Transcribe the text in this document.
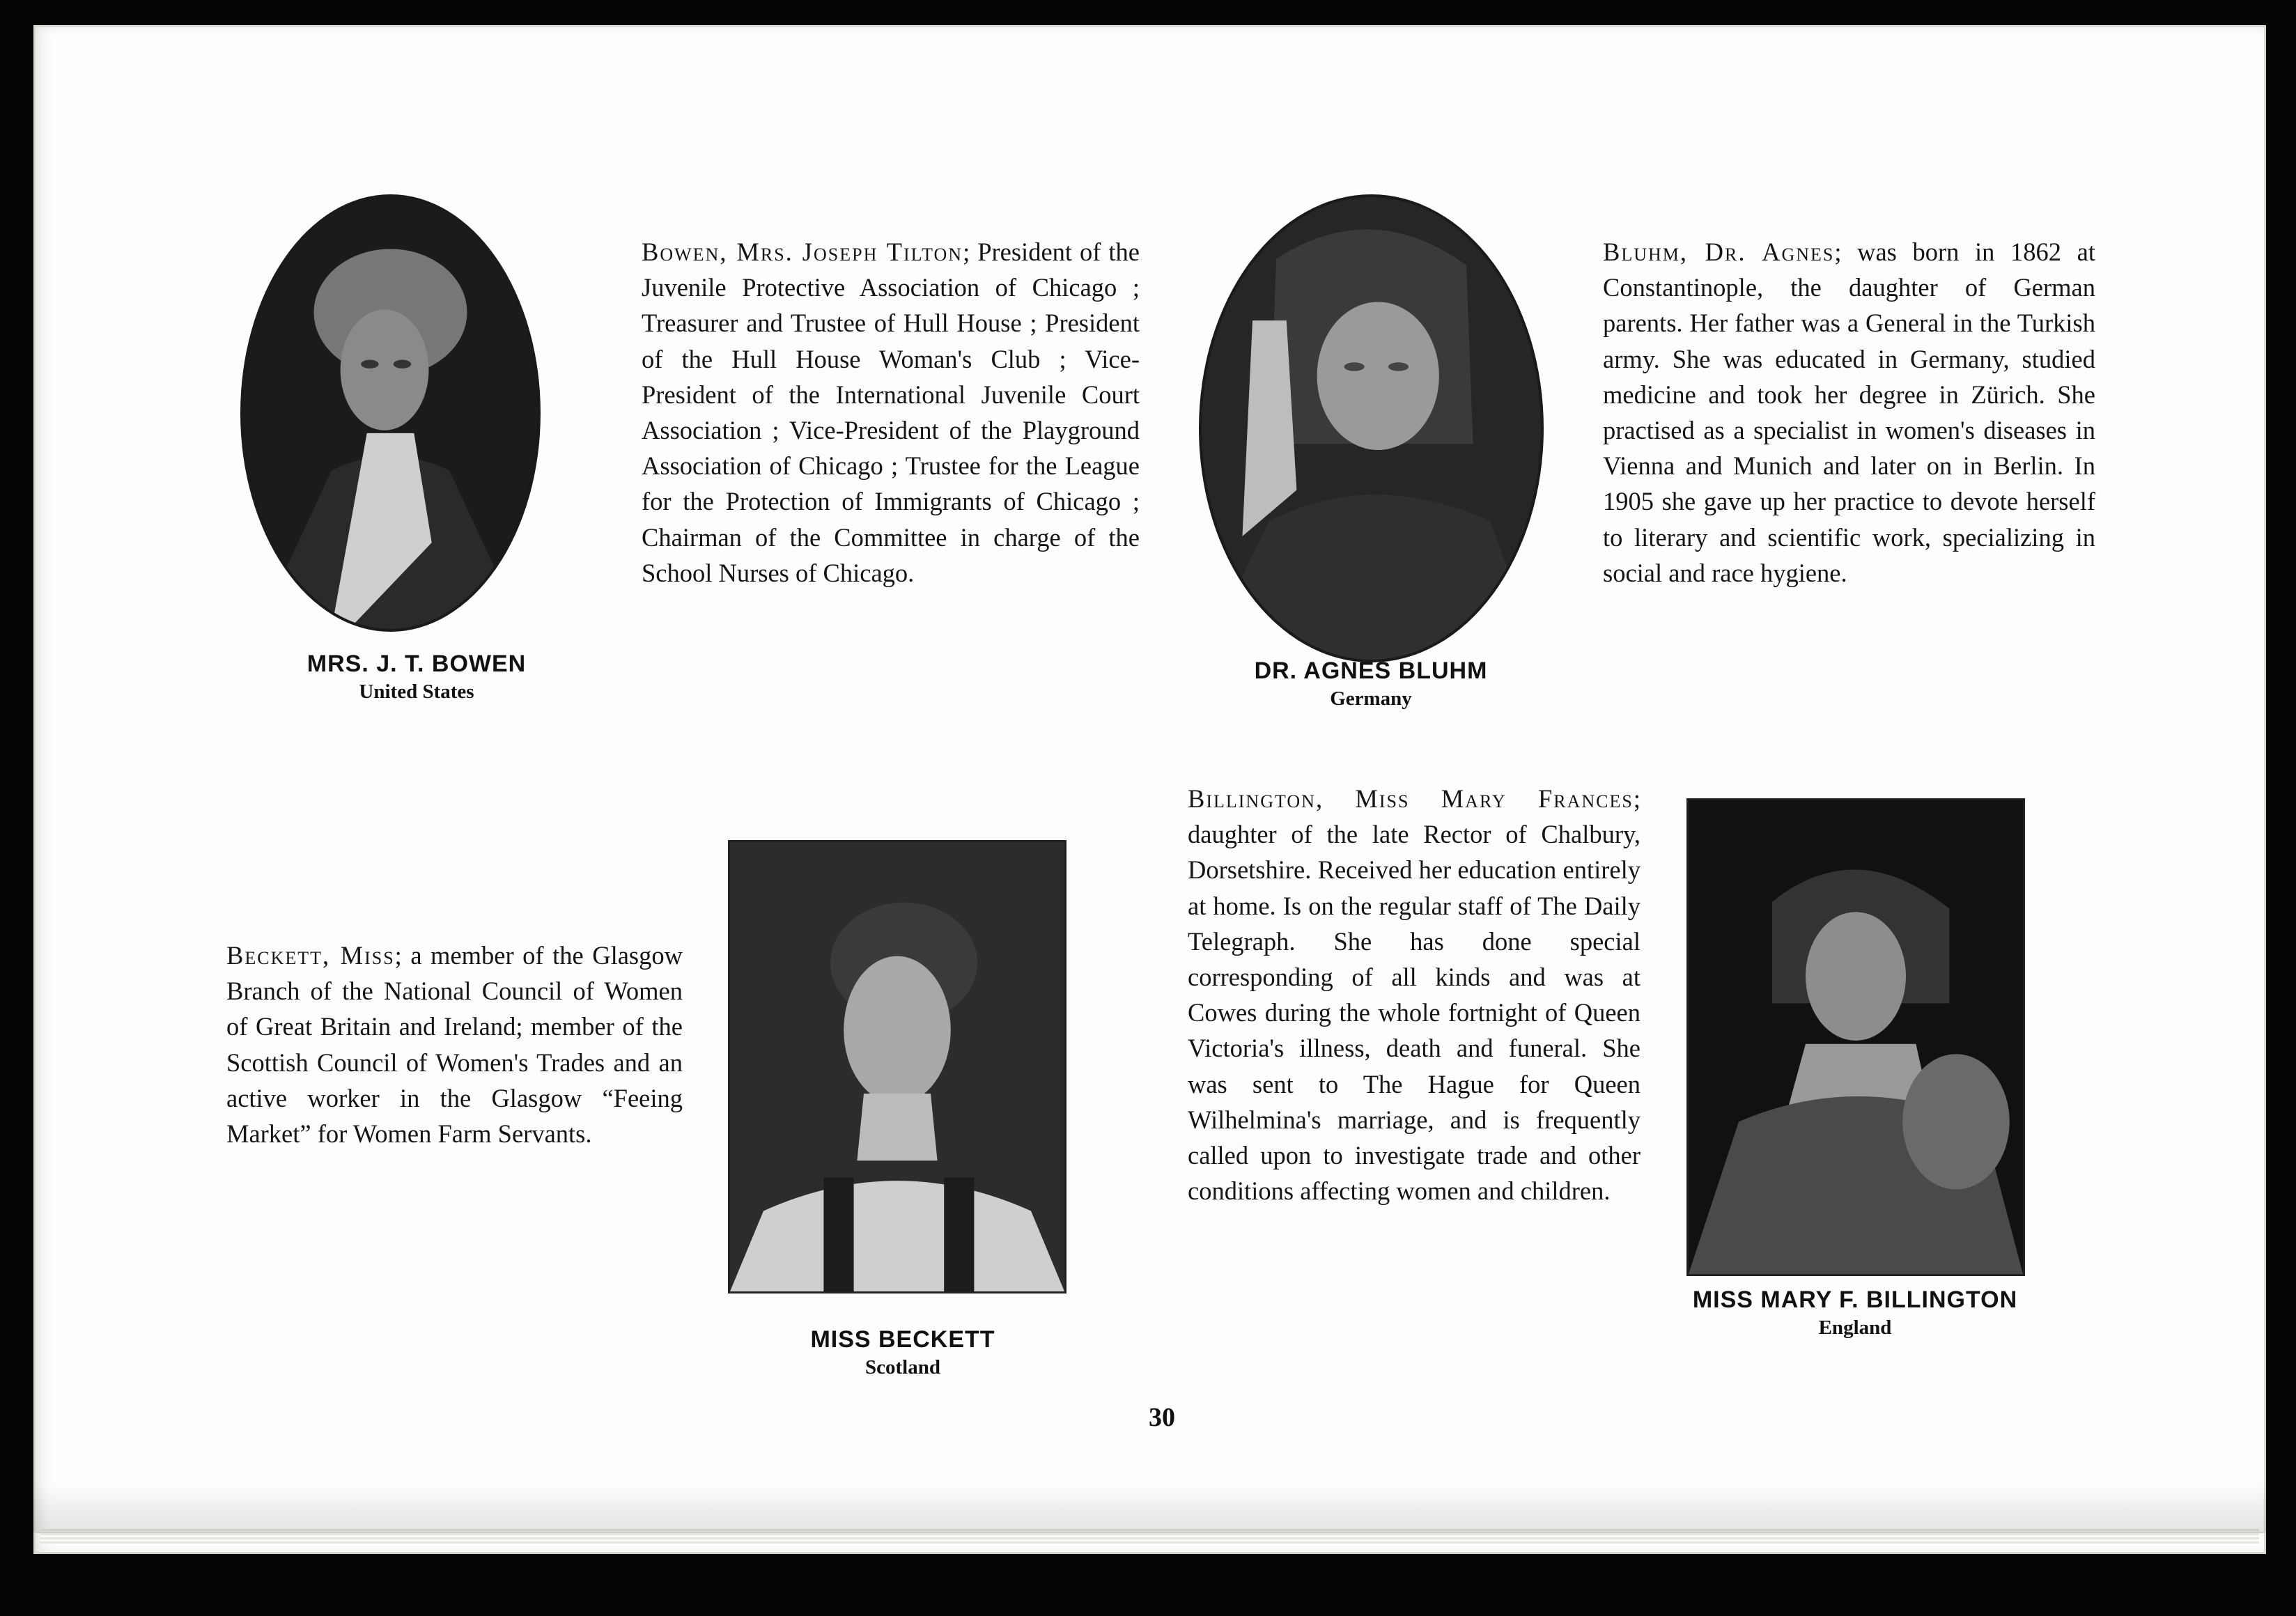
MRS. J. T. BOWEN
United States
Bowen, Mrs. Joseph Tilton; President of the Juvenile Protective Association of Chicago ; Treasurer and Trustee of Hull House ; President of the Hull House Woman's Club ; Vice-President of the International Juvenile Court Association ; Vice-President of the Playground Association of Chicago ; Trustee for the League for the Protection of Immigrants of Chicago ; Chairman of the Committee in charge of the School Nurses of Chicago.
DR. AGNES BLUHM
Germany
Bluhm, Dr. Agnes; was born in 1862 at Constantinople, the daughter of German parents. Her father was a General in the Turkish army. She was educated in Germany, studied medicine and took her degree in Zürich. She practised as a specialist in women's diseases in Vienna and Munich and later on in Berlin. In 1905 she gave up her practice to devote herself to literary and scientific work, specializing in social and race hygiene.
Beckett, Miss; a member of the Glasgow Branch of the National Council of Women of Great Britain and Ireland; member of the Scottish Council of Women's Trades and an active worker in the Glasgow “Feeing Market” for Women Farm Servants.
MISS BECKETT
Scotland
Billington, Miss Mary Frances; daughter of the late Rector of Chalbury, Dorsetshire. Received her education entirely at home. Is on the regular staff of The Daily Telegraph. She has done special corresponding of all kinds and was at Cowes during the whole fortnight of Queen Victoria's illness, death and funeral. She was sent to The Hague for Queen Wilhelmina's marriage, and is frequently called upon to investigate trade and other conditions affecting women and children.
MISS MARY F. BILLINGTON
England
30
